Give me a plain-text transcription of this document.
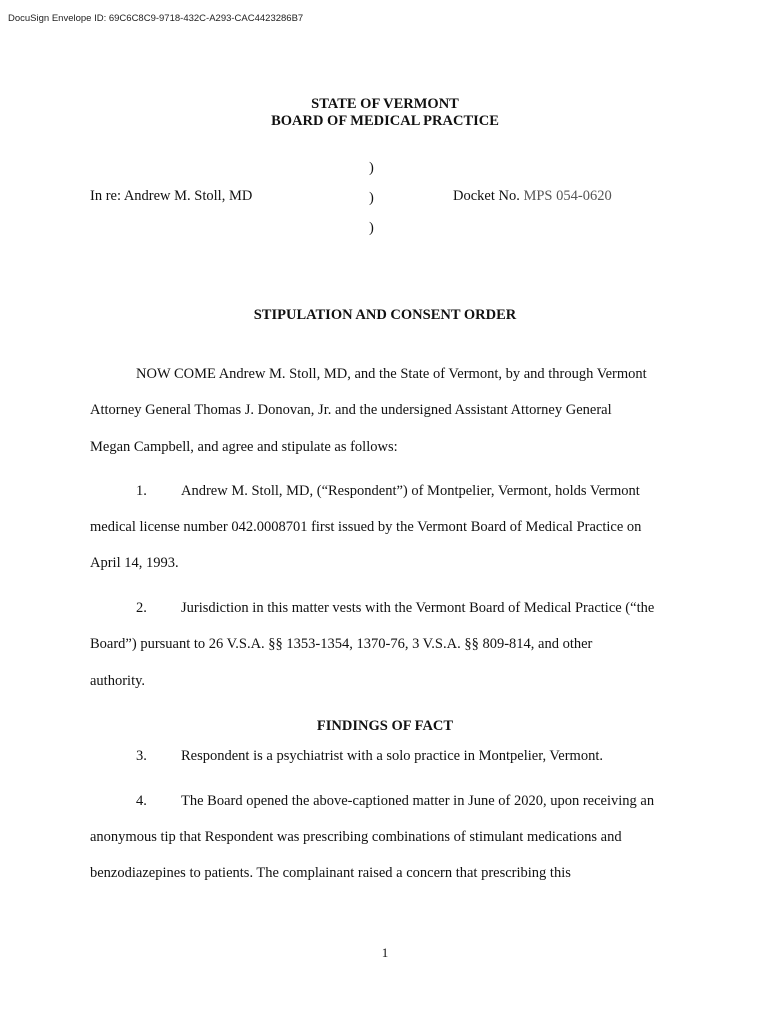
DocuSign Envelope ID: 69C6C8C9-9718-432C-A293-CAC4423286B7
STATE OF VERMONT
BOARD OF MEDICAL PRACTICE
)
)
)
In re: Andrew M. Stoll, MD	Docket No. MPS 054-0620
STIPULATION AND CONSENT ORDER
NOW COME Andrew M. Stoll, MD, and the State of Vermont, by and through Vermont
Attorney General Thomas J. Donovan, Jr. and the undersigned Assistant Attorney General
Megan Campbell, and agree and stipulate as follows:
1. Andrew M. Stoll, MD, (“Respondent”) of Montpelier, Vermont, holds Vermont
medical license number 042.0008701 first issued by the Vermont Board of Medical Practice on
April 14, 1993.
2. Jurisdiction in this matter vests with the Vermont Board of Medical Practice (“the
Board”) pursuant to 26 V.S.A. §§ 1353-1354, 1370-76, 3 V.S.A. §§ 809-814, and other
authority.
FINDINGS OF FACT
3. Respondent is a psychiatrist with a solo practice in Montpelier, Vermont.
4. The Board opened the above-captioned matter in June of 2020, upon receiving an
anonymous tip that Respondent was prescribing combinations of stimulant medications and
benzodiazepines to patients. The complainant raised a concern that prescribing this
1
